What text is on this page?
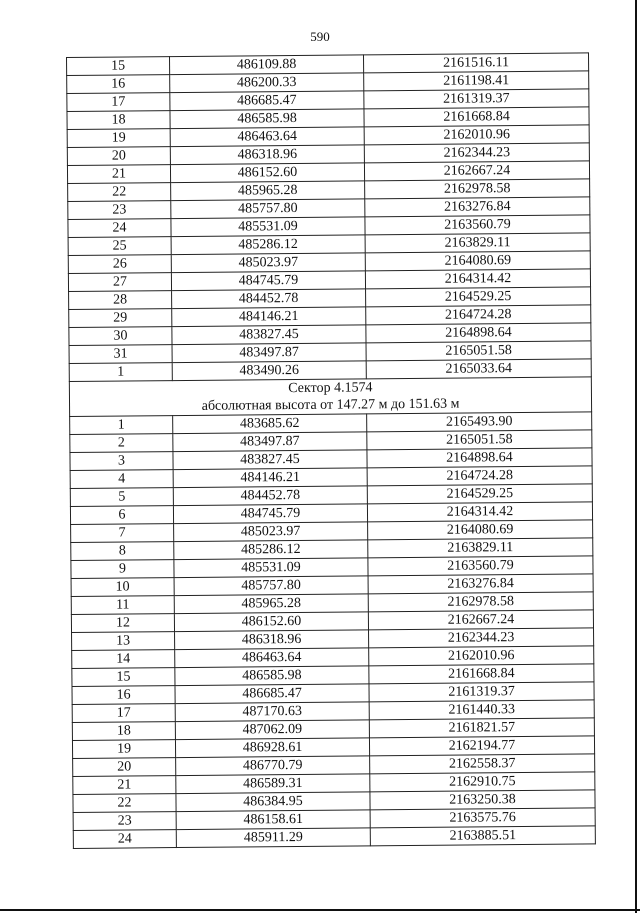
590
15	486109.88	2161516.11
16	486200.33	2161198.41
17	486685.47	2161319.37
18	486585.98	2161668.84
19	486463.64	2162010.96
20	486318.96	2162344.23
21	486152.60	2162667.24
22	485965.28	2162978.58
23	485757.80	2163276.84
24	485531.09	2163560.79
25	485286.12	2163829.11
26	485023.97	2164080.69
27	484745.79	2164314.42
28	484452.78	2164529.25
29	484146.21	2164724.28
30	483827.45	2164898.64
31	483497.87	2165051.58
1	483490.26	2165033.64

Сектор 4.1574
абсолютная высота от 147.27 м до 151.63 м		

1	483685.62	2165493.90
2	483497.87	2165051.58
3	483827.45	2164898.64
4	484146.21	2164724.28
5	484452.78	2164529.25
6	484745.79	2164314.42
7	485023.97	2164080.69
8	485286.12	2163829.11
9	485531.09	2163560.79
10	485757.80	2163276.84
11	485965.28	2162978.58
12	486152.60	2162667.24
13	486318.96	2162344.23
14	486463.64	2162010.96
15	486585.98	2161668.84
16	486685.47	2161319.37
17	487170.63	2161440.33
18	487062.09	2161821.57
19	486928.61	2162194.77
20	486770.79	2162558.37
21	486589.31	2162910.75
22	486384.95	2163250.38
23	486158.61	2163575.76
24	485911.29	2163885.51
